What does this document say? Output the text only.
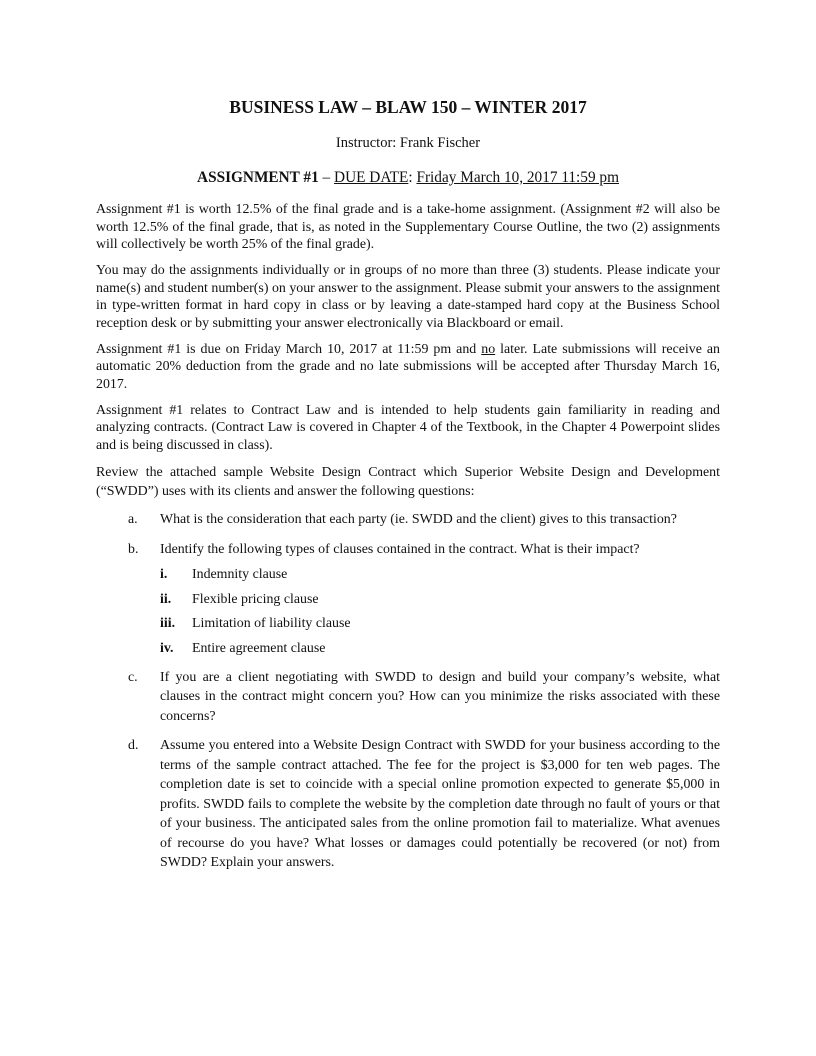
BUSINESS LAW – BLAW 150 – WINTER 2017
Instructor: Frank Fischer
ASSIGNMENT #1 – DUE DATE: Friday March 10, 2017 11:59 pm

Assignment #1 is worth 12.5% of the final grade and is a take-home assignment. (Assignment #2 will also be worth 12.5% of the final grade, that is, as noted in the Supplementary Course Outline, the two (2) assignments will collectively be worth 25% of the final grade).

You may do the assignments individually or in groups of no more than three (3) students. Please indicate your name(s) and student number(s) on your answer to the assignment. Please submit your answers to the assignment in type-written format in hard copy in class or by leaving a date-stamped hard copy at the Business School reception desk or by submitting your answer electronically via Blackboard or email.

Assignment #1 is due on Friday March 10, 2017 at 11:59 pm and no later. Late submissions will receive an automatic 20% deduction from the grade and no late submissions will be accepted after Thursday March 16, 2017.

Assignment #1 relates to Contract Law and is intended to help students gain familiarity in reading and analyzing contracts. (Contract Law is covered in Chapter 4 of the Textbook, in the Chapter 4 Powerpoint slides and is being discussed in class).

Review the attached sample Website Design Contract which Superior Website Design and Development (“SWDD”) uses with its clients and answer the following questions:

a. What is the consideration that each party (ie. SWDD and the client) gives to this transaction?
b. Identify the following types of clauses contained in the contract. What is their impact?
i. Indemnity clause
ii. Flexible pricing clause
iii. Limitation of liability clause
iv. Entire agreement clause
c. If you are a client negotiating with SWDD to design and build your company’s website, what clauses in the contract might concern you? How can you minimize the risks associated with these concerns?
d. Assume you entered into a Website Design Contract with SWDD for your business according to the terms of the sample contract attached. The fee for the project is $3,000 for ten web pages. The completion date is set to coincide with a special online promotion expected to generate $5,000 in profits. SWDD fails to complete the website by the completion date through no fault of yours or that of your business. The anticipated sales from the online promotion fail to materialize. What avenues of recourse do you have? What losses or damages could potentially be recovered (or not) from SWDD? Explain your answers.
